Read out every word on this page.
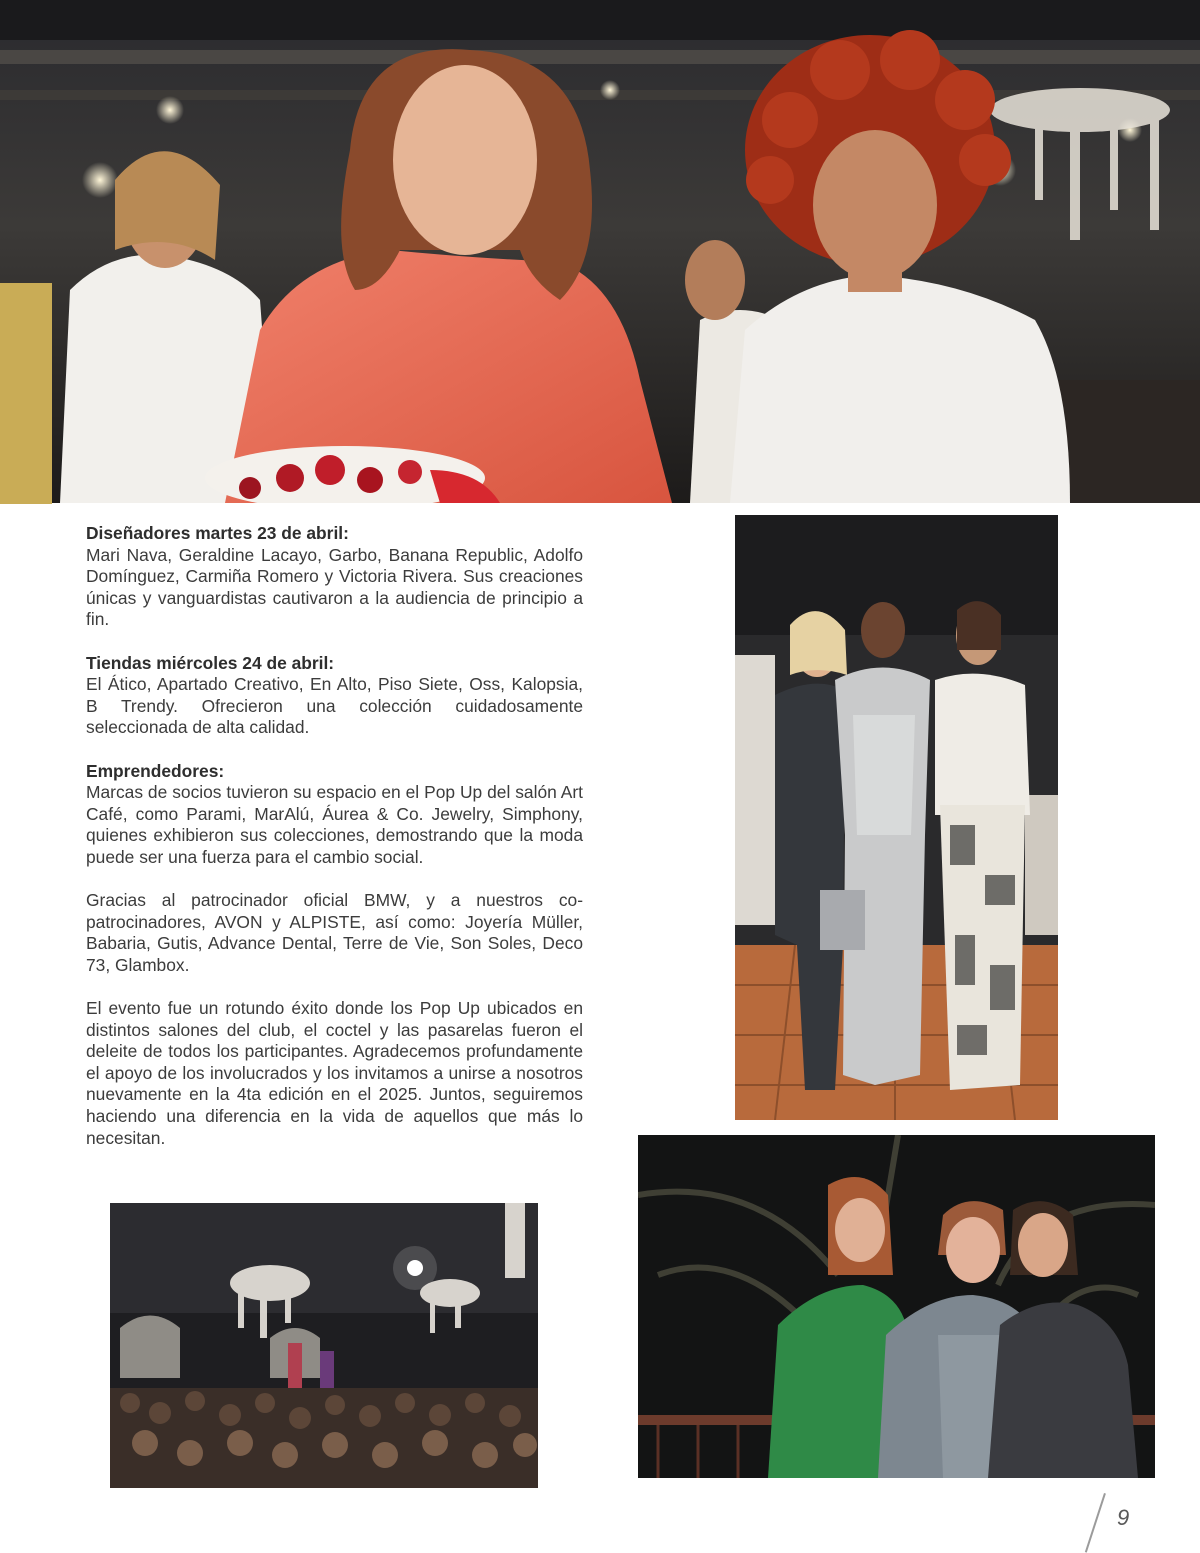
Diseñadores martes 23 de abril:
Mari Nava, Geraldine Lacayo, Garbo, Banana Republic, Adolfo Domínguez, Carmiña Romero y Victoria Rivera. Sus creaciones únicas y vanguardistas cautivaron a la audiencia de principio a fin.

Tiendas miércoles 24 de abril:
El Ático, Apartado Creativo, En Alto, Piso Siete, Oss, Kalopsia, B Trendy. Ofrecieron una colección cuidadosamente seleccionada de alta calidad.

Emprendedores:
Marcas de socios tuvieron su espacio en el Pop Up del salón Art Café, como Parami, MarAlú, Áurea & Co. Jewelry, Simphony, quienes exhibieron sus colecciones, demostrando que la moda puede ser una fuerza para el cambio social.

Gracias al patrocinador oficial BMW, y a nuestros co-patrocinadores, AVON y ALPISTE, así como: Joyería Müller, Babaria, Gutis, Advance Dental, Terre de Vie, Son Soles, Deco 73, Glambox.

El evento fue un rotundo éxito donde los Pop Up ubicados en distintos salones del club, el coctel y las pasarelas fueron el deleite de todos los participantes. Agradecemos profundamente el apoyo de los involucrados y los invitamos a unirse a nosotros nuevamente en la 4ta edición en el 2025. Juntos, seguiremos haciendo una diferencia en la vida de aquellos que más lo necesitan.

9
